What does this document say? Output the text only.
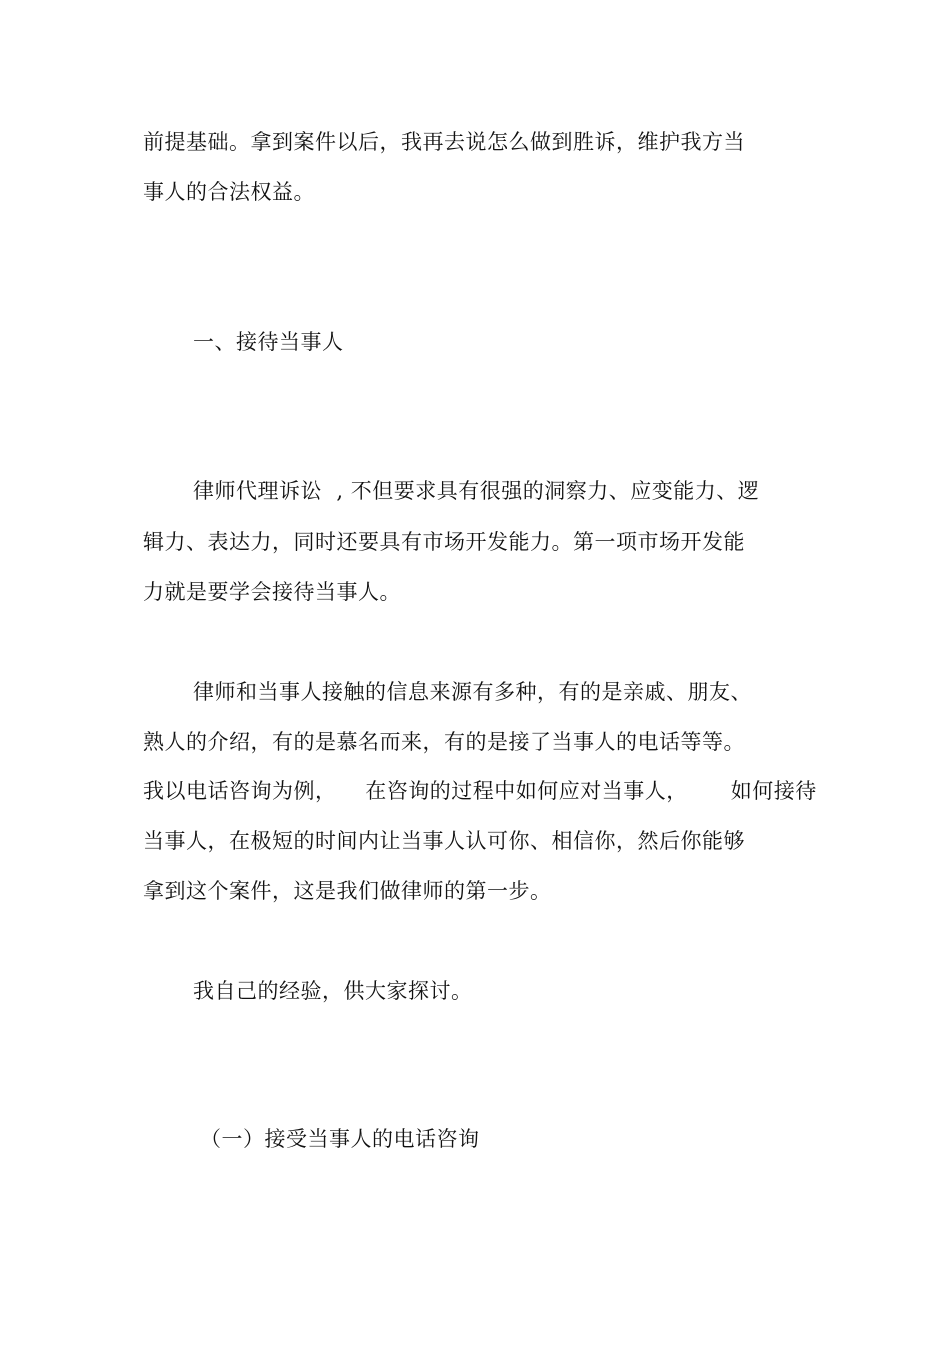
前提基础。拿到案件以后，我再去说怎么做到胜诉，维护我方当
事人的合法权益。
一、接待当事人
律师代理诉讼  , 不但要求具有很强的洞察力、应变能力、逻
辑力、表达力，同时还要具有市场开发能力。第一项市场开发能
力就是要学会接待当事人。
律师和当事人接触的信息来源有多种，有的是亲戚、朋友、
熟人的介绍，有的是慕名而来，有的是接了当事人的电话等等。
我以电话咨询为例，    在咨询的过程中如何应对当事人，      如何接待
当事人，在极短的时间内让当事人认可你、相信你，然后你能够
拿到这个案件，这是我们做律师的第一步。
我自己的经验，供大家探讨。
（一）接受当事人的电话咨询
